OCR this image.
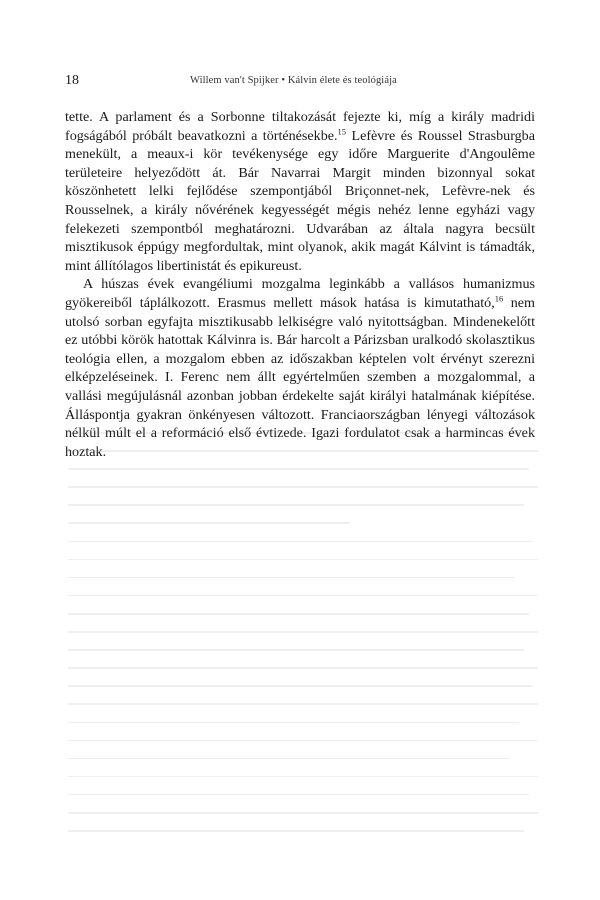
18	Willem van't Spijker • Kálvin élete és teológiája

tette. A parlament és a Sorbonne tiltakozását fejezte ki, míg a király madridi fogságából próbált beavatkozni a történésekbe.$^{15}$ Lefèvre és Roussel Strasburgba menekült, a meaux-i kör tevékenysége egy időre Marguerite d'Angoulême területeire helyeződött át. Bár Navarrai Margit minden bizonnyal sokat köszönhetett lelki fejlődése szempontjából Briçonnet-nek, Lefèvre-nek és Rousselnek, a király nővérének kegyességét mégis nehéz lenne egyházi vagy felekezeti szempontból meghatározni. Udvarában az általa nagyra becsült misztikusok éppúgy megfordultak, mint olyanok, akik magát Kálvint is támadták, mint állítólagos libertinistát és epikureust.

A húszas évek evangéliumi mozgalma leginkább a vallásos humanizmus gyökereiből táplálkozott. Erasmus mellett mások hatása is kimutatható,$^{16}$ nem utolsó sorban egyfajta misztikusabb lelkiségre való nyitottságban. Mindenekelőtt ez utóbbi körök hatottak Kálvinra is. Bár harcolt a Párizsban uralkodó skolasztikus teológia ellen, a mozgalom ebben az időszakban képtelen volt érvényt szerezni elképzeléseinek. I. Ferenc nem állt egyértelműen szemben a mozgalommal, a vallási megújulásnál azonban jobban érdekelte saját királyi hatalmának kiépítése. Álláspontja gyakran önkényesen változott. Franciaországban lényegi változások nélkül múlt el a reformáció első évtizede. Igazi fordulatot csak a harmincas évek hoztak.
